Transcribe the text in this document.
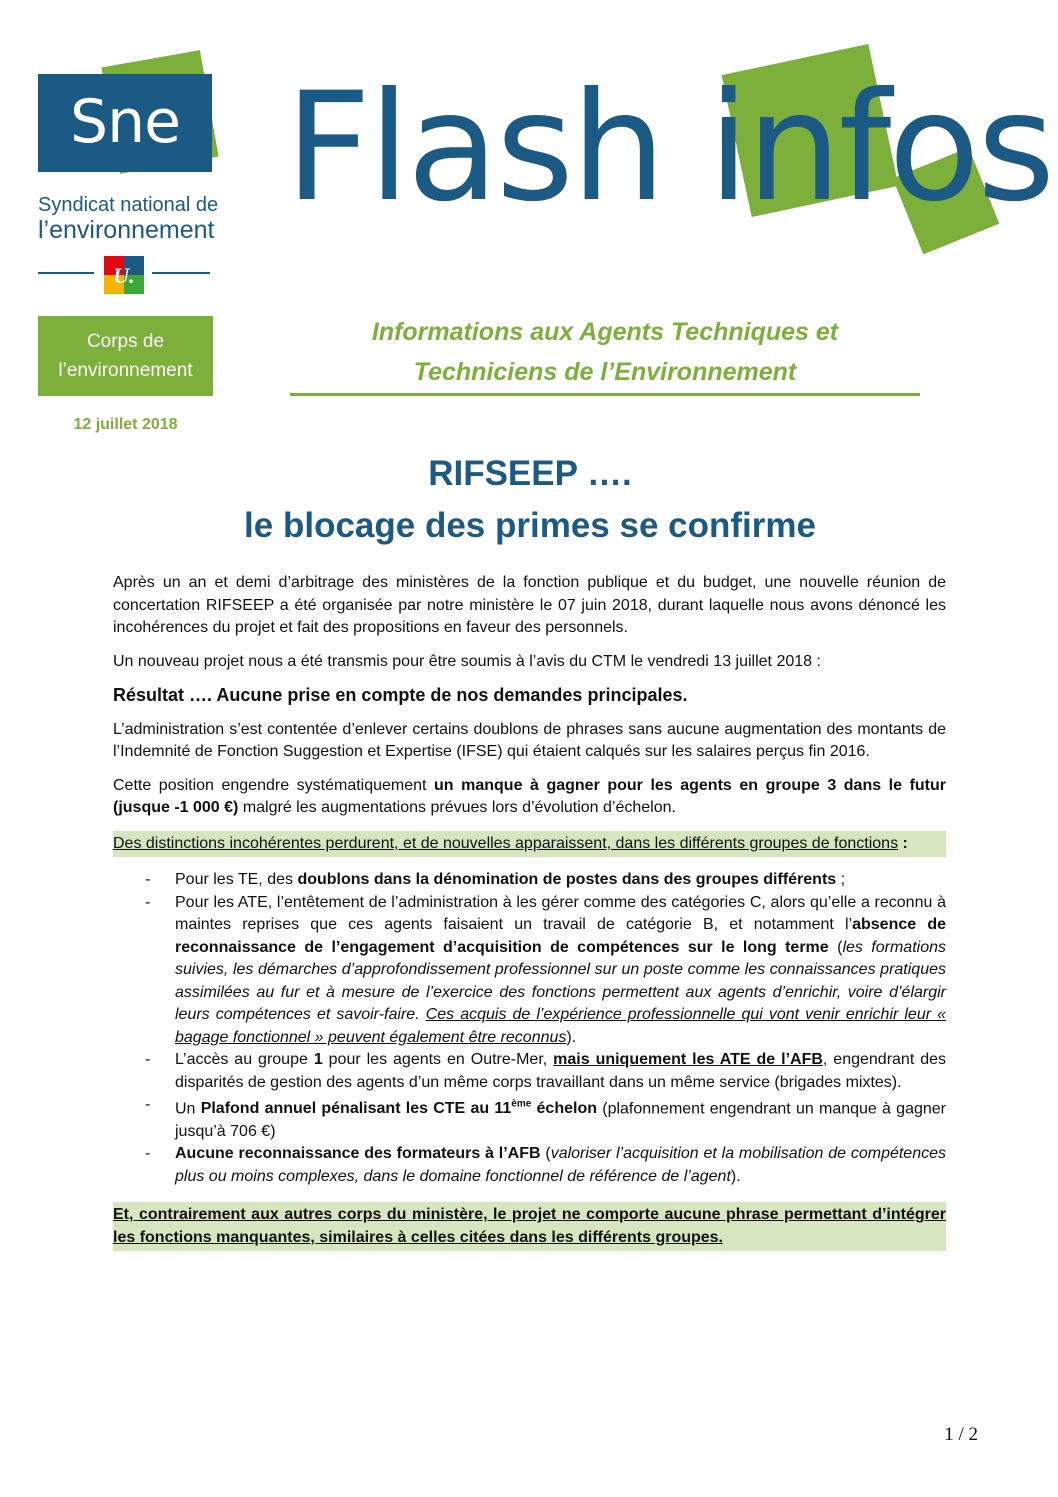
Sne
Syndicat national de
l’environnement
U.
Corps de
l’environnement
12 juillet 2018
Flash infos
Informations aux Agents Techniques et
Techniciens de l’Environnement
RIFSEEP ….
le blocage des primes se confirme

Après un an et demi d’arbitrage des ministères de la fonction publique et du budget, une nouvelle réunion de concertation RIFSEEP a été organisée par notre ministère le 07 juin 2018, durant laquelle nous avons dénoncé les incohérences du projet et fait des propositions en faveur des personnels.

Un nouveau projet nous a été transmis pour être soumis à l’avis du CTM le vendredi 13 juillet 2018 :

Résultat …. Aucune prise en compte de nos demandes principales.

L’administration s’est contentée d’enlever certains doublons de phrases sans aucune augmentation des montants de l’Indemnité de Fonction Suggestion et Expertise (IFSE) qui étaient calqués sur les salaires perçus fin 2016.

Cette position engendre systématiquement un manque à gagner pour les agents en groupe 3 dans le futur (jusque -1 000 €) malgré les augmentations prévues lors d’évolution d’échelon.

Des distinctions incohérentes perdurent, et de nouvelles apparaissent, dans les différents groupes de fonctions :

- Pour les TE, des doublons dans la dénomination de postes dans des groupes différents ;
- Pour les ATE, l’entêtement de l’administration à les gérer comme des catégories C, alors qu’elle a reconnu à maintes reprises que ces agents faisaient un travail de catégorie B, et notamment l’absence de reconnaissance de l’engagement d’acquisition de compétences sur le long terme (les formations suivies, les démarches d’approfondissement professionnel sur un poste comme les connaissances pratiques assimilées au fur et à mesure de l’exercice des fonctions permettent aux agents d’enrichir, voire d’élargir leurs compétences et savoir-faire. Ces acquis de l’expérience professionnelle qui vont venir enrichir leur « bagage fonctionnel » peuvent également être reconnus).
- L’accès au groupe 1 pour les agents en Outre-Mer, mais uniquement les ATE de l’AFB, engendrant des disparités de gestion des agents d’un même corps travaillant dans un même service (brigades mixtes).
- Un Plafond annuel pénalisant les CTE au 11ème échelon (plafonnement engendrant un manque à gagner jusqu’à 706 €)
- Aucune reconnaissance des formateurs à l’AFB (valoriser l’acquisition et la mobilisation de compétences plus ou moins complexes, dans le domaine fonctionnel de référence de l’agent).

Et, contrairement aux autres corps du ministère, le projet ne comporte aucune phrase permettant d’intégrer les fonctions manquantes, similaires à celles citées dans les différents groupes.

1 / 2
